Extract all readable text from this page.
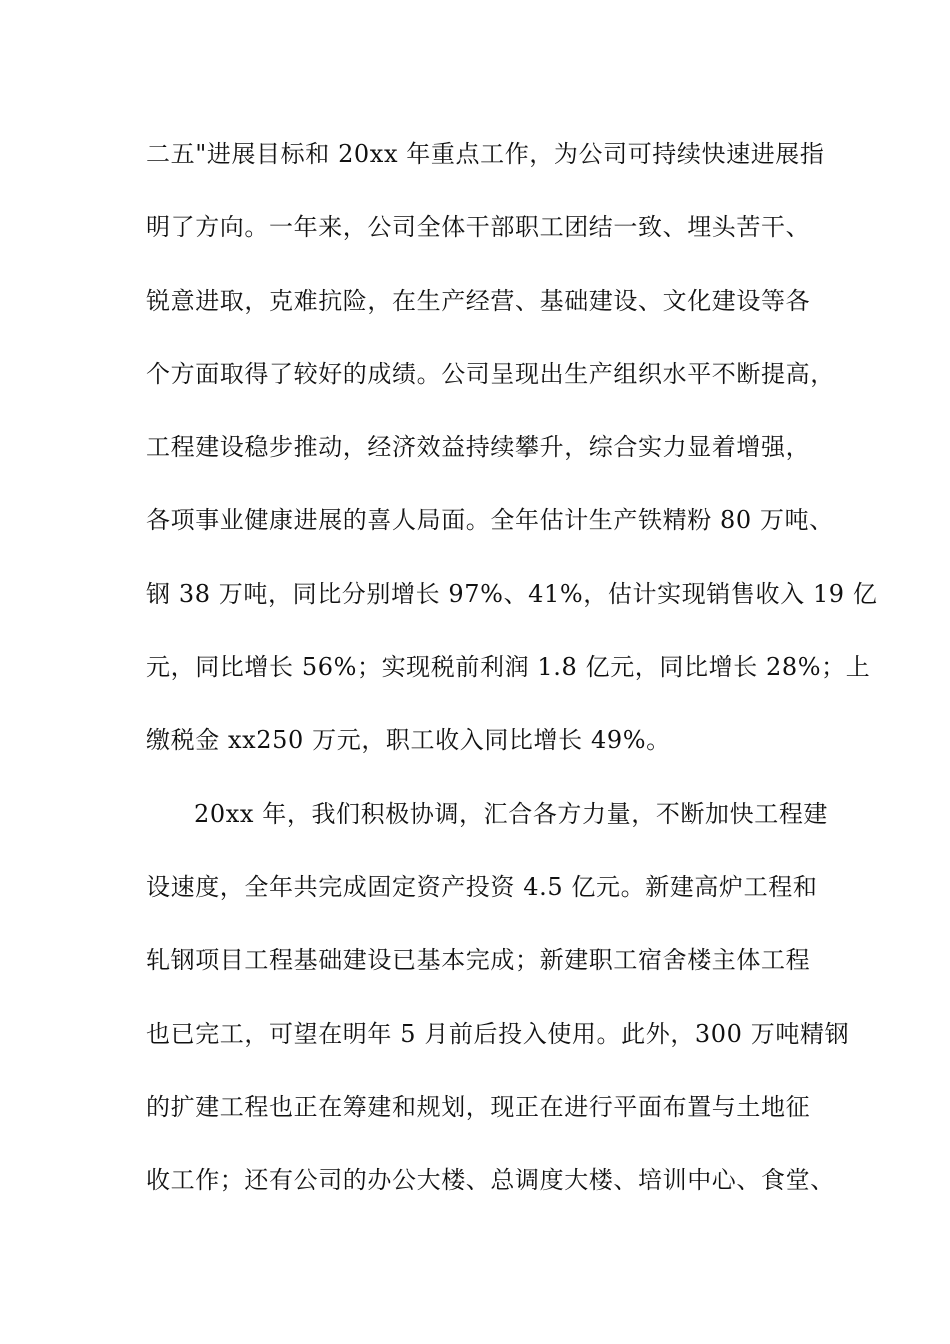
二五"进展目标和 20xx 年重点工作，为公司可持续快速进展指
明了方向。一年来，公司全体干部职工团结一致、埋头苦干、
锐意进取，克难抗险，在生产经营、基础建设、文化建设等各
个方面取得了较好的成绩。公司呈现出生产组织水平不断提高，
工程建设稳步推动，经济效益持续攀升，综合实力显着增强，
各项事业健康进展的喜人局面。全年估计生产铁精粉 80 万吨、
钢 38 万吨，同比分别增长 97%、41%，估计实现销售收入 19 亿
元，同比增长 56%；实现税前利润 1.8 亿元，同比增长 28%；上
缴税金 xx250 万元，职工收入同比增长 49%。
20xx 年，我们积极协调，汇合各方力量，不断加快工程建
设速度，全年共完成固定资产投资 4.5 亿元。新建高炉工程和
轧钢项目工程基础建设已基本完成；新建职工宿舍楼主体工程
也已完工，可望在明年 5 月前后投入使用。此外，300 万吨精钢
的扩建工程也正在筹建和规划，现正在进行平面布置与土地征
收工作；还有公司的办公大楼、总调度大楼、培训中心、食堂、
